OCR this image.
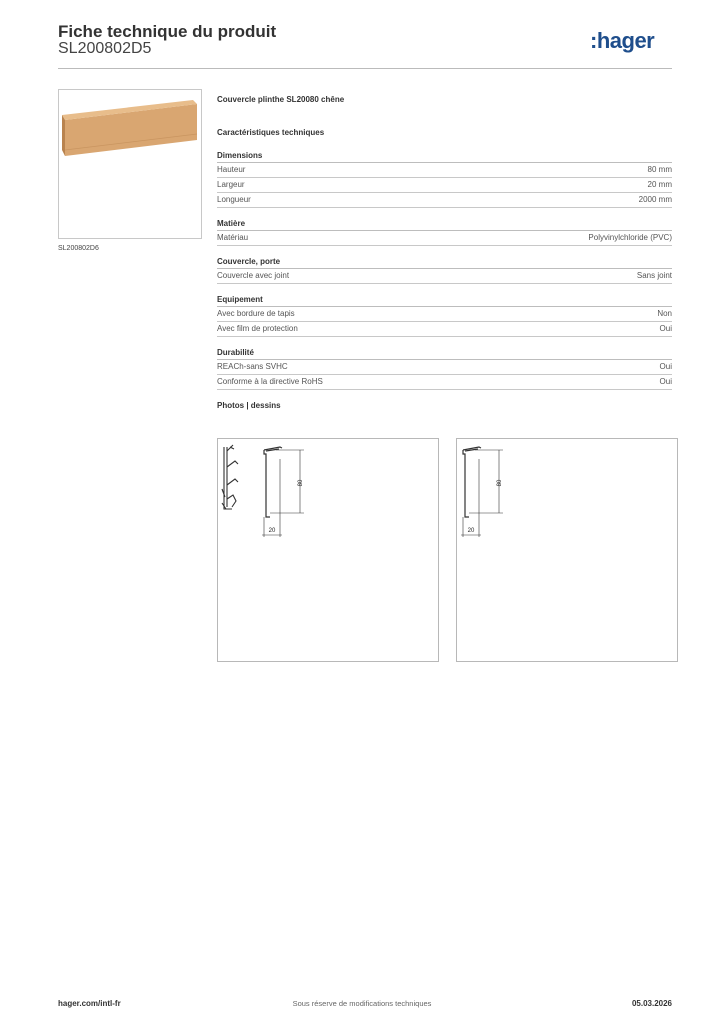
Fiche technique du produit
SL200802D5	:hager
SL200802D6
Couvercle plinthe SL20080 chêne
Caractéristiques techniques
Dimensions
Hauteur	80 mm
Largeur	20 mm
Longueur	2000 mm
Matière
Matériau	Polyvinylchloride (PVC)
Couvercle, porte
Couvercle avec joint	Sans joint
Equipement
Avec bordure de tapis	Non
Avec film de protection	Oui
Durabilité
REACh-sans SVHC	Oui
Conforme à la directive RoHS	Oui
Photos | dessins
80
20
80
20
hager.com/intl-fr	Sous réserve de modifications techniques	05.03.2026
